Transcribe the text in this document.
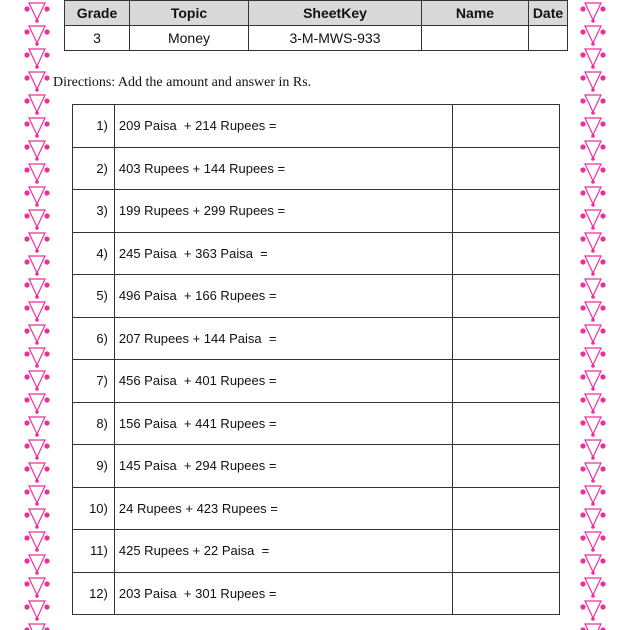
Grade	Topic	SheetKey	Name	Date
3	Money	3-M-MWS-933		
Directions: Add the amount and answer in Rs.
1)	209 Paisa  + 214 Rupees =	
2)	403 Rupees + 144 Rupees =	
3)	199 Rupees + 299 Rupees =	
4)	245 Paisa  + 363 Paisa  =	
5)	496 Paisa  + 166 Rupees =	
6)	207 Rupees + 144 Paisa  =	
7)	456 Paisa  + 401 Rupees =	
8)	156 Paisa  + 441 Rupees =	
9)	145 Paisa  + 294 Rupees =	
10)	24 Rupees + 423 Rupees =	
11)	425 Rupees + 22 Paisa  =	
12)	203 Paisa  + 301 Rupees =	
